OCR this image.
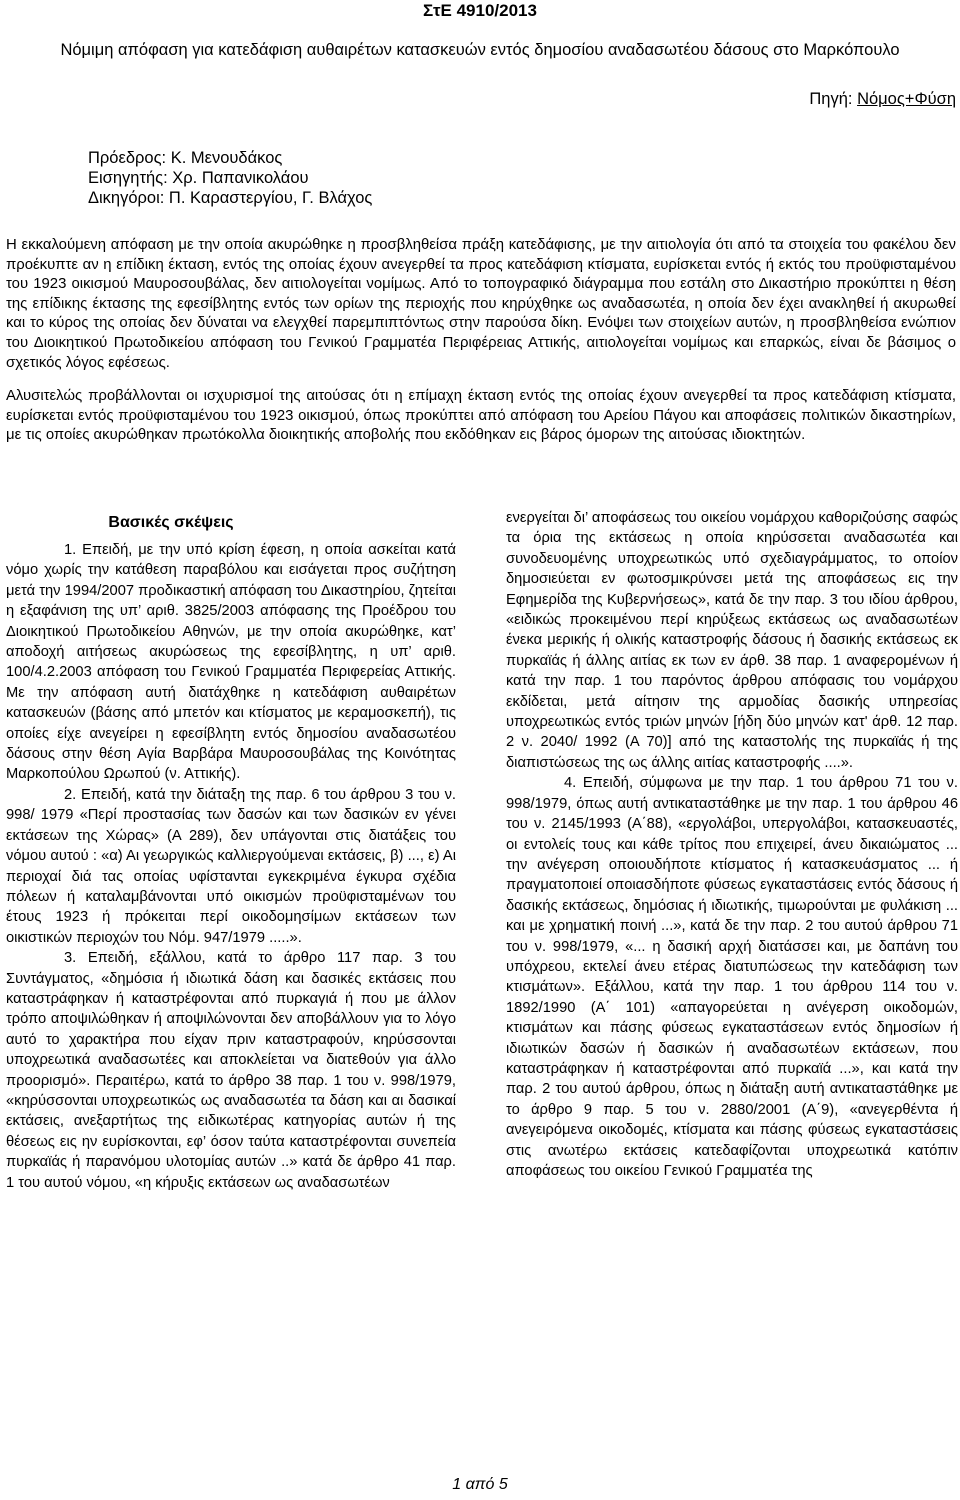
ΣτΕ 4910/2013
Νόμιμη απόφαση για κατεδάφιση αυθαιρέτων κατασκευών εντός δημοσίου αναδασωτέου δάσους στο Μαρκόπουλο
Πηγή: Νόμος+Φύση
Πρόεδρος: Κ. Μενουδάκος
Εισηγητής: Χρ. Παπανικολάου
Δικηγόροι: Π. Καραστεργίου, Γ. Βλάχος

Η εκκαλούμενη απόφαση με την οποία ακυρώθηκε η προσβληθείσα πράξη κατεδάφισης, με την αιτιολογία ότι από τα στοιχεία του φακέλου δεν προέκυπτε αν η επίδικη έκταση, εντός της οποίας έχουν ανεγερθεί τα προς κατεδάφιση κτίσματα, ευρίσκεται εντός ή εκτός του προϋφισταμένου του 1923 οικισμού Μαυροσουβάλας, δεν αιτιολογείται νομίμως. Από το τοπογραφικό διάγραμμα που εστάλη στο Δικαστήριο προκύπτει η θέση της επίδικης έκτασης της εφεσίβλητης εντός των ορίων της περιοχής που κηρύχθηκε ως αναδασωτέα, η οποία δεν έχει ανακληθεί ή ακυρωθεί και το κύρος της οποίας δεν δύναται να ελεγχθεί παρεμπιπτόντως στην παρούσα δίκη. Ενόψει των στοιχείων αυτών, η προσβληθείσα ενώπιον του Διοικητικού Πρωτοδικείου απόφαση του Γενικού Γραμματέα Περιφέρειας Αττικής, αιτιολογείται νομίμως και επαρκώς, είναι δε βάσιμος ο σχετικός λόγος εφέσεως.

Αλυσιτελώς προβάλλονται οι ισχυρισμοί της αιτούσας ότι η επίμαχη έκταση εντός της οποίας έχουν ανεγερθεί τα προς κατεδάφιση κτίσματα, ευρίσκεται εντός προϋφισταμένου του 1923 οικισμού, όπως προκύπτει από απόφαση του Αρείου Πάγου και αποφάσεις πολιτικών δικαστηρίων, με τις οποίες ακυρώθηκαν πρωτόκολλα διοικητικής αποβολής που εκδόθηκαν εις βάρος όμορων της αιτούσας ιδιοκτητών.

Βασικές σκέψεις

1. Επειδή, με την υπό κρίση έφεση, η οποία ασκείται κατά νόμο χωρίς την κατάθεση παραβόλου και εισάγεται προς συζήτηση μετά την 1994/2007 προδικαστική απόφαση του Δικαστηρίου, ζητείται η εξαφάνιση της υπ’ αριθ. 3825/2003 απόφασης της Προέδρου του Διοικητικού Πρωτοδικείου Αθηνών, με την οποία ακυρώθηκε, κατ’ αποδοχή αιτήσεως ακυρώσεως της εφεσίβλητης, η υπ’ αριθ. 100/4.2.2003 απόφαση του Γενικού Γραμματέα Περιφερείας Αττικής. Με την απόφαση αυτή διατάχθηκε η κατεδάφιση αυθαιρέτων κατασκευών (βάσης από μπετόν και κτίσματος με κεραμοσκεπή), τις οποίες είχε ανεγείρει η εφεσίβλητη εντός δημοσίου αναδασωτέου δάσους στην θέση Αγία Βαρβάρα Μαυροσουβάλας της Κοινότητας Μαρκοπούλου Ωρωπού (ν. Αττικής).

2. Επειδή, κατά την διάταξη της παρ. 6 του άρθρου 3 του ν. 998/ 1979 «Περί προστασίας των δασών και των δασικών εν γένει εκτάσεων της Χώρας» (Α 289), δεν υπάγονται στις διατάξεις του νόμου αυτού : «α) Αι γεωργικώς καλλιεργούμεναι εκτάσεις, β) ..., ε) Αι περιοχαί διά τας οποίας υφίστανται εγκεκριμένα έγκυρα σχέδια πόλεων ή καταλαμβάνονται υπό οικισμών προϋφισταμένων του έτους 1923 ή πρόκειται περί οικοδομησίμων εκτάσεων των οικιστικών περιοχών του Νόμ. 947/1979 .....».

3. Επειδή, εξάλλου, κατά το άρθρο 117 παρ. 3 του Συντάγματος, «δημόσια ή ιδιωτικά δάση και δασικές εκτάσεις που καταστράφηκαν ή καταστρέφονται από πυρκαγιά ή που με άλλον τρόπο αποψιλώθηκαν ή αποψιλώνονται δεν αποβάλλουν για το λόγο αυτό το χαρακτήρα που είχαν πριν καταστραφούν, κηρύσσονται υποχρεωτικά αναδασωτέες και αποκλείεται να διατεθούν για άλλο προορισμό». Περαιτέρω, κατά το άρθρο 38 παρ. 1 του ν. 998/1979, «κηρύσσονται υποχρεωτικώς ως αναδασωτέα τα δάση και αι δασικαί εκτάσεις, ανεξαρτήτως της ειδικωτέρας κατηγορίας αυτών ή της θέσεως εις ην ευρίσκονται, εφ’ όσον ταύτα καταστρέφονται συνεπεία πυρκαϊάς ή παρανόμου υλοτομίας αυτών ..» κατά δε άρθρο 41 παρ. 1 του αυτού νόμου, «η κήρυξις εκτάσεων ως αναδασωτέων

ενεργείται δι’ αποφάσεως του οικείου νομάρχου καθοριζούσης σαφώς τα όρια της εκτάσεως η οποία κηρύσσεται αναδασωτέα και συνοδευομένης υποχρεωτικώς υπό σχεδιαγράμματος, το οποίον δημοσιεύεται εν φωτοσμικρύνσει μετά της αποφάσεως εις την Εφημερίδα της Κυβερνήσεως», κατά δε την παρ. 3 του ιδίου άρθρου, «ειδικώς προκειμένου περί κηρύξεως εκτάσεως ως αναδασωτέων ένεκα μερικής ή ολικής καταστροφής δάσους ή δασικής εκτάσεως εκ πυρκαϊάς ή άλλης αιτίας εκ των εν άρθ. 38 παρ. 1 αναφερομένων ή κατά την παρ. 1 του παρόντος άρθρου απόφασις του νομάρχου εκδίδεται, μετά αίτησιν της αρμοδίας δασικής υπηρεσίας υποχρεωτικώς εντός τριών μηνών [ήδη δύο μηνών κατ' άρθ. 12 παρ. 2 ν. 2040/ 1992 (Α 70)] από της καταστολής της πυρκαϊάς ή της διαπιστώσεως της ως άλλης αιτίας καταστροφής ....».

4. Επειδή, σύμφωνα με την παρ. 1 του άρθρου 71 του ν. 998/1979, όπως αυτή αντικαταστάθηκε με την παρ. 1 του άρθρου 46 του ν. 2145/1993 (Α΄88), «εργολάβοι, υπεργολάβοι, κατασκευαστές, οι εντολείς τους και κάθε τρίτος που επιχειρεί, άνευ δικαιώματος ... την ανέγερση οποιουδήποτε κτίσματος ή κατασκευάσματος ... ή πραγματοποιεί οποιασδήποτε φύσεως εγκαταστάσεις εντός δάσους ή δασικής εκτάσεως, δημόσιας ή ιδιωτικής, τιμωρούνται με φυλάκιση ... και με χρηματική ποινή ...», κατά δε την παρ. 2 του αυτού άρθρου 71 του ν. 998/1979, «... η δασική αρχή διατάσσει και, με δαπάνη του υπόχρεου, εκτελεί άνευ ετέρας διατυπώσεως την κατεδάφιση των κτισμάτων». Εξάλλου, κατά την παρ. 1 του άρθρου 114 του ν. 1892/1990 (Α΄ 101) «απαγορεύεται η ανέγερση οικοδομών, κτισμάτων και πάσης φύσεως εγκαταστάσεων εντός δημοσίων ή ιδιωτικών δασών ή δασικών ή αναδασωτέων εκτάσεων, που καταστράφηκαν ή καταστρέφονται από πυρκαϊά ...», και κατά την παρ. 2 του αυτού άρθρου, όπως η διάταξη αυτή αντικαταστάθηκε με το άρθρο 9 παρ. 5 του ν. 2880/2001 (Α΄9), «ανεγερθέντα ή ανεγειρόμενα οικοδομές, κτίσματα και πάσης φύσεως εγκαταστάσεις στις ανωτέρω εκτάσεις κατεδαφίζονται υποχρεωτικά κατόπιν αποφάσεως του οικείου Γενικού Γραμματέα της

1 από 5
